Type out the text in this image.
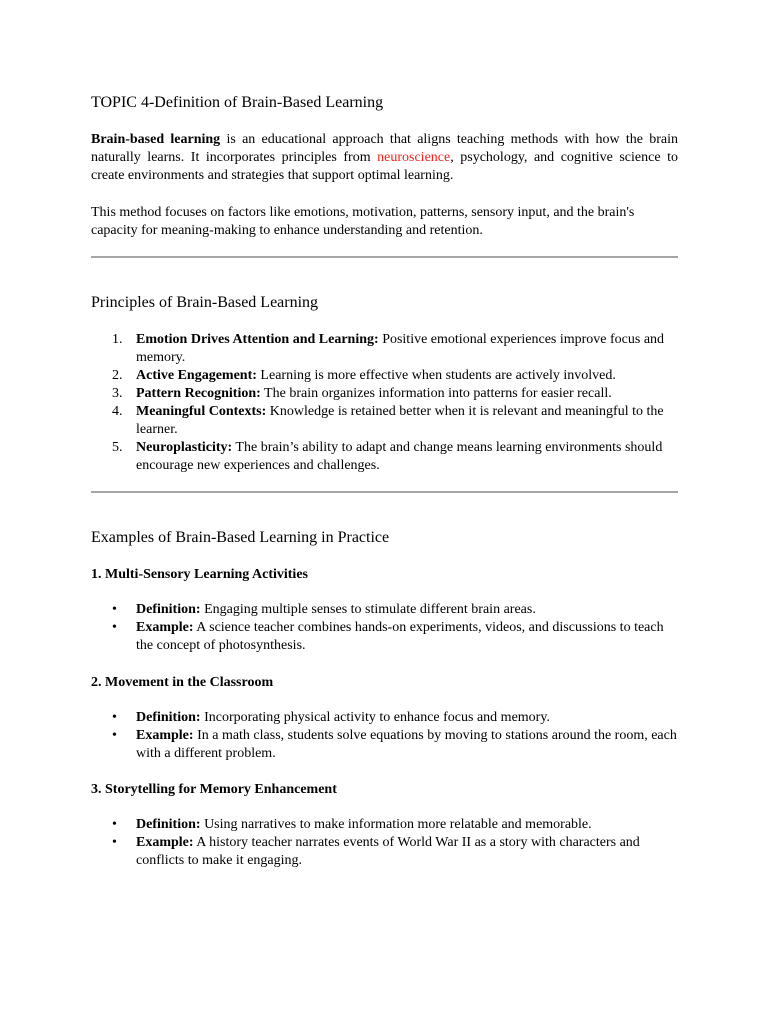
TOPIC 4-Definition of Brain-Based Learning

Brain-based learning is an educational approach that aligns teaching methods with how the brain naturally learns. It incorporates principles from neuroscience, psychology, and cognitive science to create environments and strategies that support optimal learning.

This method focuses on factors like emotions, motivation, patterns, sensory input, and the brain's capacity for meaning-making to enhance understanding and retention.

Principles of Brain-Based Learning
1. Emotion Drives Attention and Learning: Positive emotional experiences improve focus and memory.
2. Active Engagement: Learning is more effective when students are actively involved.
3. Pattern Recognition: The brain organizes information into patterns for easier recall.
4. Meaningful Contexts: Knowledge is retained better when it is relevant and meaningful to the learner.
5. Neuroplasticity: The brain’s ability to adapt and change means learning environments should encourage new experiences and challenges.
Examples of Brain-Based Learning in Practice
1. Multi-Sensory Learning Activities
• Definition: Engaging multiple senses to stimulate different brain areas.
• Example: A science teacher combines hands-on experiments, videos, and discussions to teach the concept of photosynthesis.
2. Movement in the Classroom
• Definition: Incorporating physical activity to enhance focus and memory.
• Example: In a math class, students solve equations by moving to stations around the room, each with a different problem.
3. Storytelling for Memory Enhancement
• Definition: Using narratives to make information more relatable and memorable.
• Example: A history teacher narrates events of World War II as a story with characters and conflicts to make it engaging.
